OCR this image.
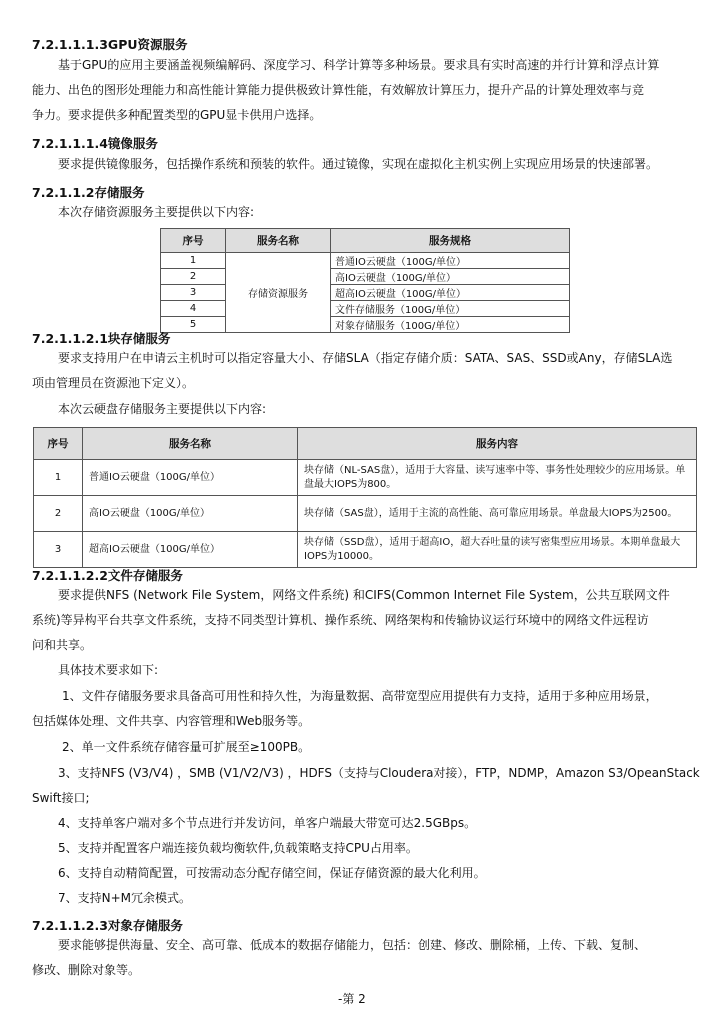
7.2.1.1.1.3GPU资源服务
基于GPU的应用主要涵盖视频编解码、深度学习、科学计算等多种场景。要求具有实时高速的并行计算和浮点计算
能力、出色的图形处理能力和高性能计算能力提供极致计算性能，有效解放计算压力，提升产品的计算处理效率与竞
争力。要求提供多种配置类型的GPU显卡供用户选择。
7.2.1.1.1.4镜像服务
要求提供镜像服务，包括操作系统和预装的软件。通过镜像，实现在虚拟化主机实例上实现应用场景的快速部署。
7.2.1.1.2存储服务
本次存储资源服务主要提供以下内容:
序号	服务名称	服务规格
1	存储资源服务	普通IO云硬盘（100G/单位）
2		高IO云硬盘（100G/单位）
3		超高IO云硬盘（100G/单位）
4		文件存储服务（100G/单位）
5		对象存储服务（100G/单位）
7.2.1.1.2.1块存储服务
要求支持用户在申请云主机时可以指定容量大小、存储SLA（指定存储介质：SATA、SAS、SSD或Any，存储SLA选
项由管理员在资源池下定义）。
本次云硬盘存储服务主要提供以下内容:
序号	服务名称	服务内容
1	普通IO云硬盘（100G/单位）	块存储（NL-SAS盘），适用于大容量、读写速率中等、事务性处理较少的应用场景。单盘最大IOPS为800。
2	高IO云硬盘（100G/单位）	块存储（SAS盘），适用于主流的高性能、高可靠应用场景。单盘最大IOPS为2500。
3	超高IO云硬盘（100G/单位）	块存储（SSD盘），适用于超高IO，超大吞吐量的读写密集型应用场景。本期单盘最大IOPS为10000。
7.2.1.1.2.2文件存储服务
要求提供NFS (Network File System，网络文件系统) 和CIFS(Common Internet File System，公共互联网文件
系统)等异构平台共享文件系统，支持不同类型计算机、操作系统、网络架构和传输协议运行环境中的网络文件远程访
问和共享。
具体技术要求如下:
1、文件存储服务要求具备高可用性和持久性，为海量数据、高带宽型应用提供有力支持，适用于多种应用场景，
包括媒体处理、文件共享、内容管理和Web服务等。
2、单一文件系统存储容量可扩展至≥100PB。
3、支持NFS (V3/V4) ，SMB (V1/V2/V3) ，HDFS（支持与Cloudera对接），FTP，NDMP，Amazon S3/OpeanStack
Swift接口;
4、支持单客户端对多个节点进行并发访问，单客户端最大带宽可达2.5GBps。
5、支持并配置客户端连接负载均衡软件,负载策略支持CPU占用率。
6、支持自动精简配置，可按需动态分配存储空间，保证存储资源的最大化利用。
7、支持N+M冗余模式。
7.2.1.1.2.3对象存储服务
要求能够提供海量、安全、高可靠、低成本的数据存储能力，包括：创建、修改、删除桶，上传、下载、复制、
修改、删除对象等。
-第 2
